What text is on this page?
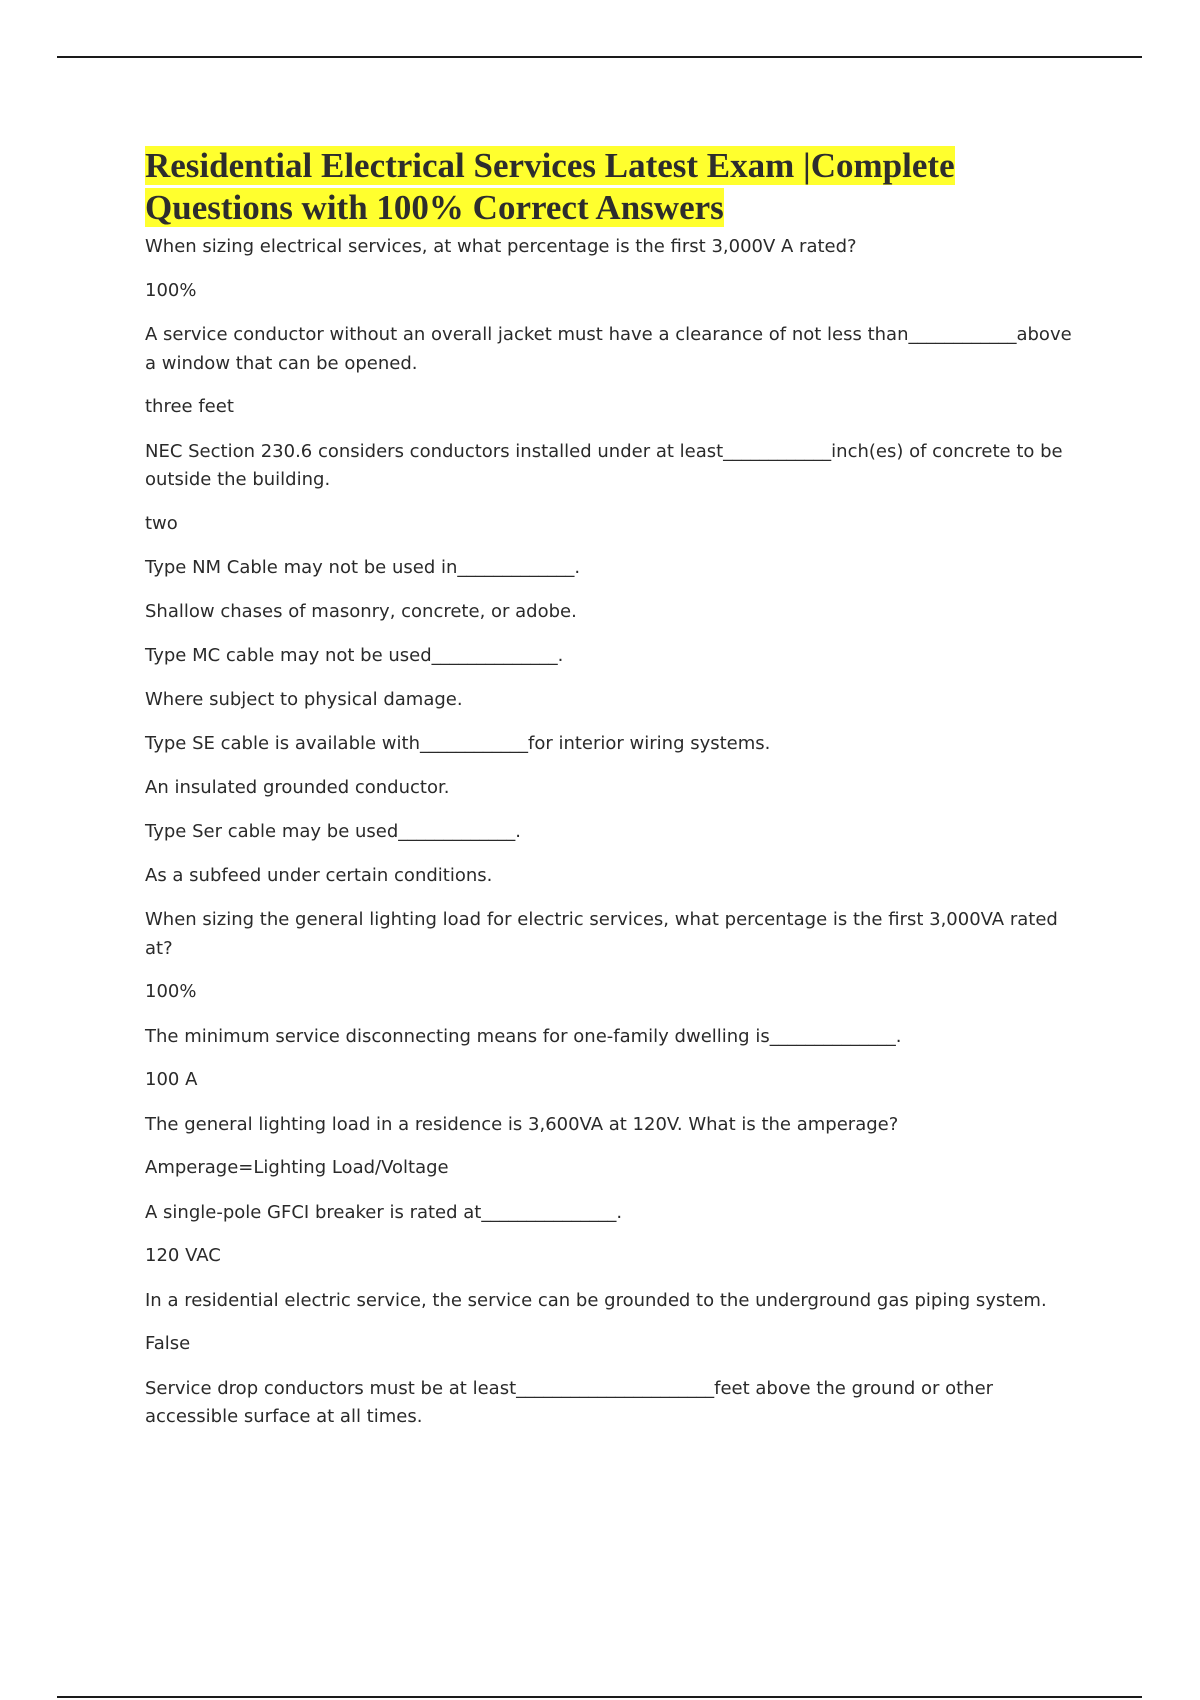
Residential Electrical Services Latest Exam |Complete Questions with 100% Correct Answers

When sizing electrical services, at what percentage is the first 3,000V A rated?

100%

A service conductor without an overall jacket must have a clearance of not less than____________above a window that can be opened.

three feet

NEC Section 230.6 considers conductors installed under at least____________inch(es) of concrete to be outside the building.

two

Type NM Cable may not be used in_____________.

Shallow chases of masonry, concrete, or adobe.

Type MC cable may not be used______________.

Where subject to physical damage.

Type SE cable is available with____________for interior wiring systems.

An insulated grounded conductor.

Type Ser cable may be used_____________.

As a subfeed under certain conditions.

When sizing the general lighting load for electric services, what percentage is the first 3,000VA rated at?

100%

The minimum service disconnecting means for one-family dwelling is______________.

100 A

The general lighting load in a residence is 3,600VA at 120V. What is the amperage?

Amperage=Lighting Load/Voltage

A single-pole GFCI breaker is rated at_______________.

120 VAC

In a residential electric service, the service can be grounded to the underground gas piping system.

False

Service drop conductors must be at least______________________feet above the ground or other accessible surface at all times.
